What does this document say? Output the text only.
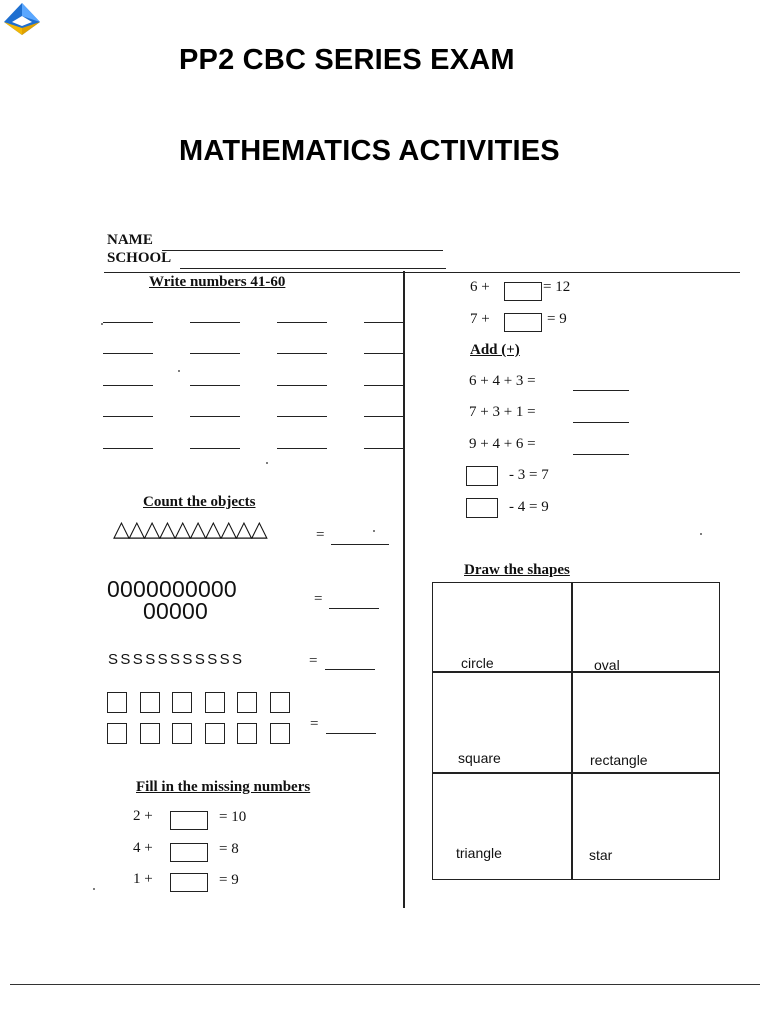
PP2 CBC SERIES EXAM
MATHEMATICS ACTIVITIES
NAME
SCHOOL
Write numbers 41-60
Count the objects
△△△△△△△△△△	=
0000000000
00000	=
SSSSSSSSSSS	=
=
Fill in the missing numbers
2 +	= 10
4 +	= 8
1 +	= 9
6 +	= 12
7 +	= 9
Add (+)
6 + 4 + 3 =
7 + 3 + 1 =
9 + 4 + 6 =
- 3 = 7
- 4 = 9
Draw the shapes
circle	oval
square	rectangle
triangle	star
